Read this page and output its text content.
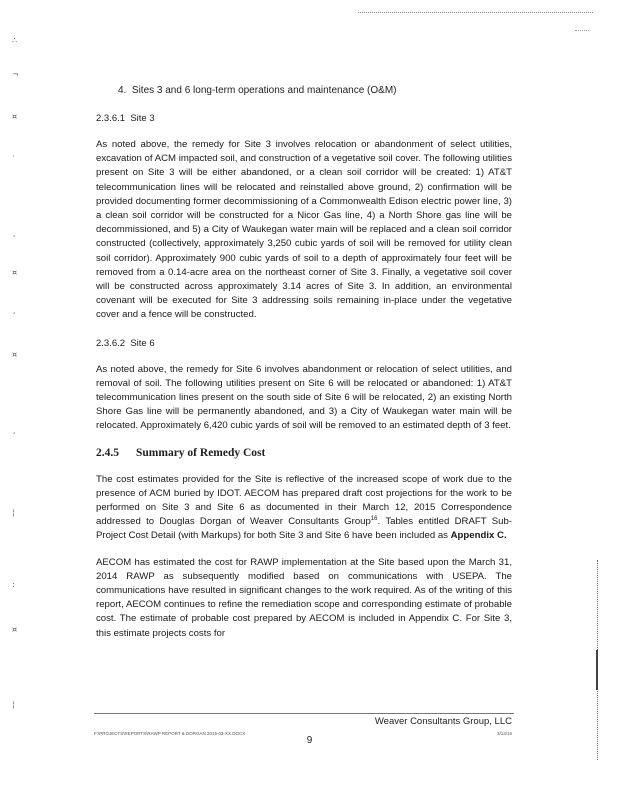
∴
¬
¤
·
¸
¤
¸
¤
¸
¦
:
¤
¦
4.  Sites 3 and 6 long-term operations and maintenance (O&M)
2.3.6.1  Site 3

As noted above, the remedy for Site 3 involves relocation or abandonment of select utilities, excavation of ACM impacted soil, and construction of a vegetative soil cover. The following utilities present on Site 3 will be either abandoned, or a clean soil corridor will be created: 1) AT&T telecommunication lines will be relocated and reinstalled above ground, 2) confirmation will be provided documenting former decommissioning of a Commonwealth Edison electric power line, 3) a clean soil corridor will be constructed for a Nicor Gas line, 4) a North Shore gas line will be decommissioned, and 5) a City of Waukegan water main will be replaced and a clean soil corridor constructed (collectively, approximately 3,250 cubic yards of soil will be removed for utility clean soil corridor). Approximately 900 cubic yards of soil to a depth of approximately four feet will be removed from a 0.14-acre area on the northeast corner of Site 3. Finally, a vegetative soil cover will be constructed across approximately 3.14 acres of Site 3. In addition, an environmental covenant will be executed for Site 3 addressing soils remaining in-place under the vegetative cover and a fence will be constructed.

2.3.6.2  Site 6

As noted above, the remedy for Site 6 involves abandonment or relocation of select utilities, and removal of soil. The following utilities present on Site 6 will be relocated or abandoned: 1) AT&T telecommunication lines present on the south side of Site 6 will be relocated, 2) an existing North Shore Gas line will be permanently abandoned, and 3) a City of Waukegan water main will be relocated. Approximately 6,420 cubic yards of soil will be removed to an estimated depth of 3 feet.

2.4.5 Summary of Remedy Cost

The cost estimates provided for the Site is reflective of the increased scope of work due to the presence of ACM buried by IDOT. AECOM has prepared draft cost projections for the work to be performed on Site 3 and Site 6 as documented in their March 12, 2015 Correspondence addressed to Douglas Dorgan of Weaver Consultants Group$^{16}$. Tables entitled DRAFT Sub-Project Cost Detail (with Markups) for both Site 3 and Site 6 have been included as Appendix C.

AECOM has estimated the cost for RAWP implementation at the Site based upon the March 31, 2014 RAWP as subsequently modified based on communications with USEPA. The communications have resulted in significant changes to the work required. As of the writing of this report, AECOM continues to refine the remediation scope and corresponding estimate of probable cost. The estimate of probable cost prepared by AECOM is included in Appendix C. For Site 3, this estimate projects costs for

Weaver Consultants Group, LLC
F:\PROJECTS\REPORTS\RAWP REPORT & DORGAN 2015-03-XX.DOCX	3/13/15
9
